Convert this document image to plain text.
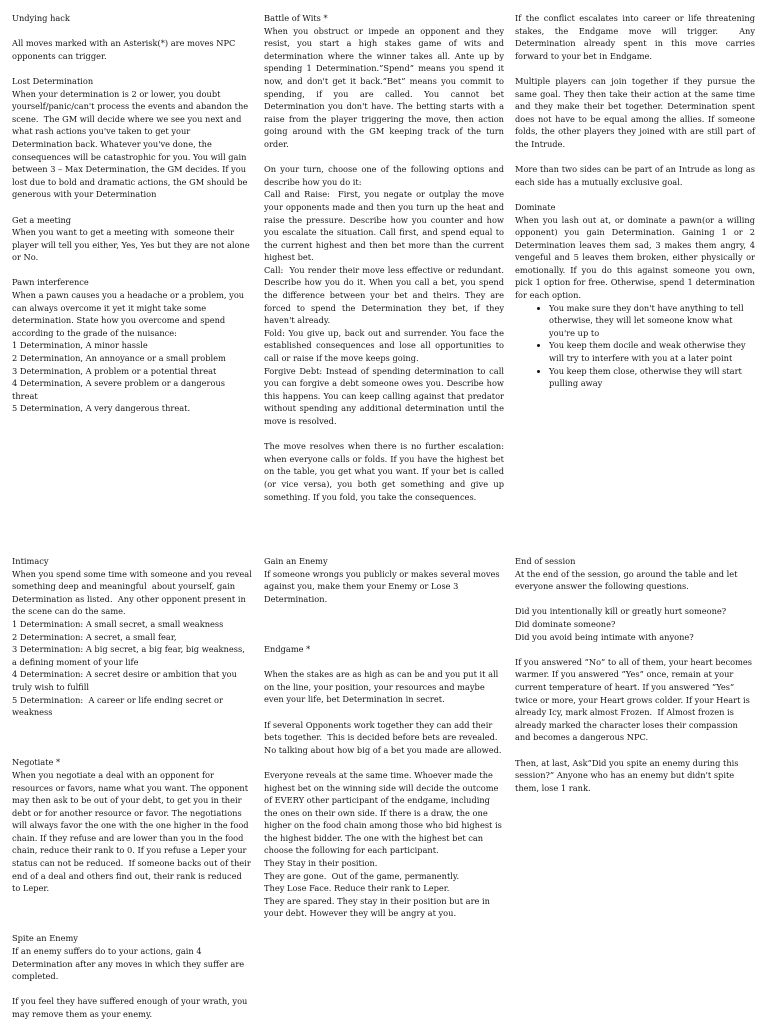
Undying hack
All moves marked with an Asterisk(*) are moves NPC opponents can trigger.
Lost Determination
When your determination is 2 or lower, you doubt yourself/panic/can't process the events and abandon the scene.  The GM will decide where we see you next and what rash actions you've taken to get your Determination back. Whatever you've done, the consequences will be catastrophic for you. You will gain between 3 – Max Determination, the GM decides. If you lost due to bold and dramatic actions, the GM should be generous with your Determination
Get a meeting
When you want to get a meeting with  someone their player will tell you either, Yes, Yes but they are not alone or No.
Pawn interference
When a pawn causes you a headache or a problem, you can always overcome it yet it might take some determination. State how you overcome and spend according to the grade of the nuisance:
1 Determination, A minor hassle
2 Determination, An annoyance or a small problem
3 Determination, A problem or a potential threat
4 Determination, A severe problem or a dangerous threat
5 Determination, A very dangerous threat.
Battle of Wits *
When you obstruct or impede an opponent and they resist, you start a high stakes game of wits and determination where the winner takes all. Ante up by spending 1 Determination.”Spend” means you spend it now, and don't get it back.”Bet” means you commit to spending, if you are called. You cannot bet Determination you don't have. The betting starts with a raise from the player triggering the move, then action going around with the GM keeping track of the turn order.
On your turn, choose one of the following options and describe how you do it:
Call and Raise:  First, you negate or outplay the move your opponents made and then you turn up the heat and raise the pressure. Describe how you counter and how you escalate the situation. Call first, and spend equal to the current highest and then bet more than the current highest bet.
Call:  You render their move less effective or redundant. Describe how you do it. When you call a bet, you spend the difference between your bet and theirs. They are forced to spend the Determination they bet, if they haven't already.
Fold: You give up, back out and surrender. You face the established consequences and lose all opportunities to call or raise if the move keeps going.
Forgive Debt: Instead of spending determination to call you can forgive a debt someone owes you. Describe how this happens. You can keep calling against that predator without spending any additional determination until the move is resolved.
The move resolves when there is no further escalation: when everyone calls or folds. If you have the highest bet on the table, you get what you want. If your bet is called (or vice versa), you both get something and give up something. If you fold, you take the consequences.
If the conflict escalates into career or life threatening stakes, the Endgame move will trigger.  Any Determination already spent in this move carries forward to your bet in Endgame.
Multiple players can join together if they pursue the same goal. They then take their action at the same time and they make their bet together. Determination spent does not have to be equal among the allies. If someone folds, the other players they joined with are still part of the Intrude.
More than two sides can be part of an Intrude as long as each side has a mutually exclusive goal.
Dominate
When you lash out at, or dominate a pawn(or a willing opponent) you gain Determination. Gaining 1 or 2 Determination leaves them sad, 3 makes them angry, 4 vengeful and 5 leaves them broken, either physically or emotionally. If you do this against someone you own, pick 1 option for free. Otherwise, spend 1 determination for each option.
• You make sure they don't have anything to tell otherwise, they will let someone know what you're up to
• You keep them docile and weak otherwise they will try to interfere with you at a later point
• You keep them close, otherwise they will start pulling away
Intimacy
When you spend some time with someone and you reveal something deep and meaningful  about yourself, gain Determination as listed.  Any other opponent present in the scene can do the same.
1 Determination: A small secret, a small weakness
2 Determination: A secret, a small fear,
3 Determination: A big secret, a big fear, big weakness, a defining moment of your life
4 Determination: A secret desire or ambition that you truly wish to fulfill
5 Determination:  A career or life ending secret or weakness
Negotiate *
When you negotiate a deal with an opponent for resources or favors, name what you want. The opponent may then ask to be out of your debt, to get you in their debt or for another resource or favor. The negotiations will always favor the one with the one higher in the food chain. If they refuse and are lower than you in the food chain, reduce their rank to 0. If you refuse a Leper your status can not be reduced.  If someone backs out of their end of a deal and others find out, their rank is reduced to Leper.
Spite an Enemy
If an enemy suffers do to your actions, gain 4 Determination after any moves in which they suffer are completed.
If you feel they have suffered enough of your wrath, you may remove them as your enemy.
Gain an Enemy
If someone wrongs you publicly or makes several moves against you, make them your Enemy or Lose 3 Determination.
Endgame *
When the stakes are as high as can be and you put it all on the line, your position, your resources and maybe even your life, bet Determination in secret.
If several Opponents work together they can add their bets together.  This is decided before bets are revealed. No talking about how big of a bet you made are allowed.
Everyone reveals at the same time. Whoever made the highest bet on the winning side will decide the outcome of EVERY other participant of the endgame, including the ones on their own side. If there is a draw, the one higher on the food chain among those who bid highest is the highest bidder. The one with the highest bet can choose the following for each participant.
They Stay in their position.
They are gone.  Out of the game, permanently.
They Lose Face. Reduce their rank to Leper.
They are spared. They stay in their position but are in your debt. However they will be angry at you.
End of session
At the end of the session, go around the table and let everyone answer the following questions.
Did you intentionally kill or greatly hurt someone?
Did dominate someone?
Did you avoid being intimate with anyone?
If you answered ”No” to all of them, your heart becomes warmer. If you answered ”Yes” once, remain at your current temperature of heart. If you answered ”Yes” twice or more, your Heart grows colder. If your Heart is already Icy, mark almost Frozen.  If Almost frozen is already marked the character loses their compassion and becomes a dangerous NPC.
Then, at last, Ask”Did you spite an enemy during this session?” Anyone who has an enemy but didn't spite them, lose 1 rank.
